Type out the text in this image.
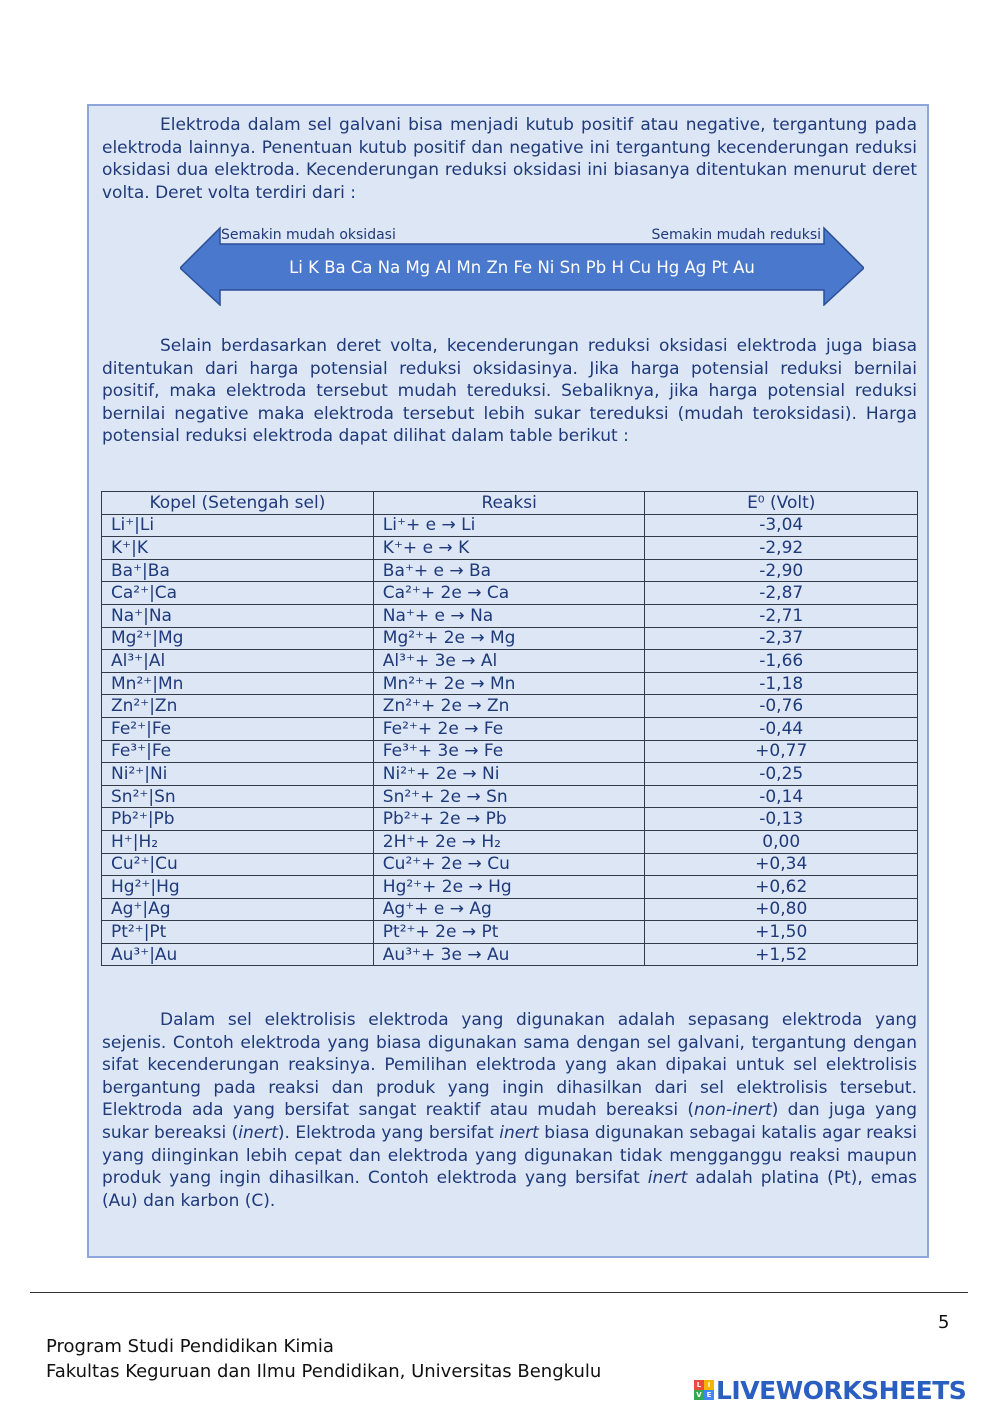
Elektroda dalam sel galvani bisa menjadi kutub positif atau negative, tergantung pada elektroda lainnya. Penentuan kutub positif dan negative ini tergantung kecenderungan reduksi oksidasi dua elektroda. Kecenderungan reduksi oksidasi ini biasanya ditentukan menurut deret volta. Deret volta terdiri dari :

Semakin mudah oksidasi	Semakin mudah reduksi
Li K Ba Ca Na Mg Al Mn Zn Fe Ni Sn Pb H Cu Hg Ag Pt Au

Selain berdasarkan deret volta, kecenderungan reduksi oksidasi elektroda juga biasa ditentukan dari harga potensial reduksi oksidasinya. Jika harga potensial reduksi bernilai positif, maka elektroda tersebut mudah tereduksi. Sebaliknya, jika harga potensial reduksi bernilai negative maka elektroda tersebut lebih sukar tereduksi (mudah teroksidasi). Harga potensial reduksi elektroda dapat dilihat dalam table berikut :

Kopel (Setengah sel)	Reaksi	E⁰ (Volt)
Li⁺|Li	Li⁺+ e → Li	-3,04
K⁺|K	K⁺+ e → K	-2,92
Ba⁺|Ba	Ba⁺+ e → Ba	-2,90
Ca²⁺|Ca	Ca²⁺+ 2e → Ca	-2,87
Na⁺|Na	Na⁺+ e → Na	-2,71
Mg²⁺|Mg	Mg²⁺+ 2e → Mg	-2,37
Al³⁺|Al	Al³⁺+ 3e → Al	-1,66
Mn²⁺|Mn	Mn²⁺+ 2e → Mn	-1,18
Zn²⁺|Zn	Zn²⁺+ 2e → Zn	-0,76
Fe²⁺|Fe	Fe²⁺+ 2e → Fe	-0,44
Fe³⁺|Fe	Fe³⁺+ 3e → Fe	+0,77
Ni²⁺|Ni	Ni²⁺+ 2e → Ni	-0,25
Sn²⁺|Sn	Sn²⁺+ 2e → Sn	-0,14
Pb²⁺|Pb	Pb²⁺+ 2e → Pb	-0,13
H⁺|H₂	2H⁺+ 2e → H₂	0,00
Cu²⁺|Cu	Cu²⁺+ 2e → Cu	+0,34
Hg²⁺|Hg	Hg²⁺+ 2e → Hg	+0,62
Ag⁺|Ag	Ag⁺+ e → Ag	+0,80
Pt²⁺|Pt	Pt²⁺+ 2e → Pt	+1,50
Au³⁺|Au	Au³⁺+ 3e → Au	+1,52

Dalam sel elektrolisis elektroda yang digunakan adalah sepasang elektroda yang sejenis. Contoh elektroda yang biasa digunakan sama dengan sel galvani, tergantung dengan sifat kecenderungan reaksinya. Pemilihan elektroda yang akan dipakai untuk sel elektrolisis bergantung pada reaksi dan produk yang ingin dihasilkan dari sel elektrolisis tersebut. Elektroda ada yang bersifat sangat reaktif atau mudah bereaksi (non-inert) dan juga yang sukar bereaksi (inert). Elektroda yang bersifat inert biasa digunakan sebagai katalis agar reaksi yang diinginkan lebih cepat dan elektroda yang digunakan tidak mengganggu reaksi maupun produk yang ingin dihasilkan. Contoh elektroda yang bersifat inert adalah platina (Pt), emas (Au) dan karbon (C).

5
Program Studi Pendidikan Kimia
Fakultas Keguruan dan Ilmu Pendidikan, Universitas Bengkulu
L I
V E LIVEWORKSHEETS
